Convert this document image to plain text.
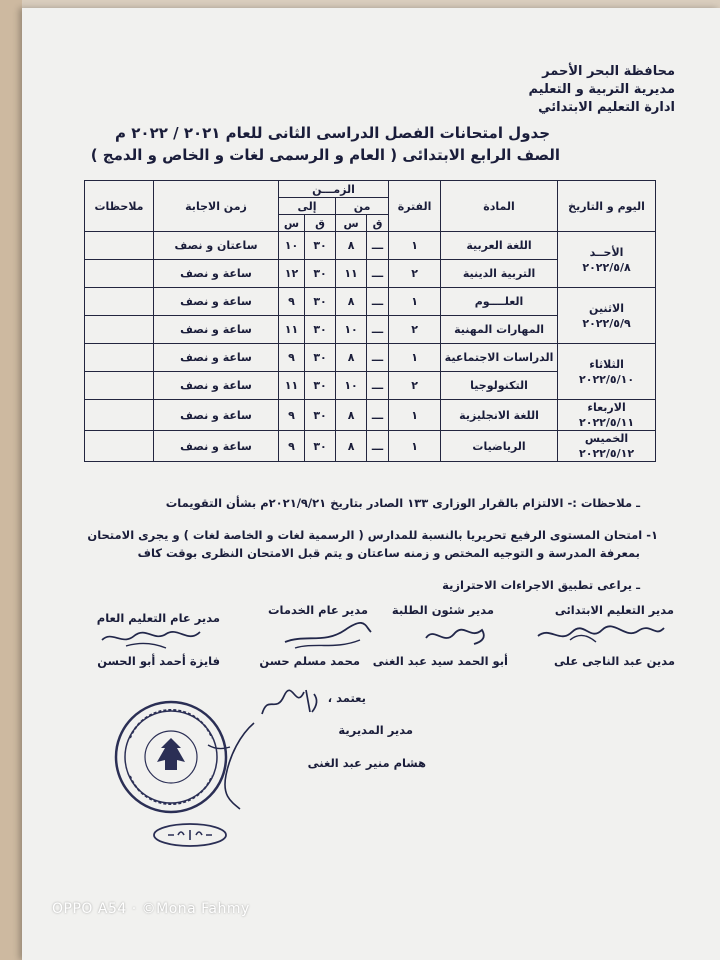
محافظة البحر الأحمر
مديرية التربية و التعليم
ادارة التعليم الابتدائي
جدول امتحانات الفصل الدراسى الثانى للعام ٢٠٢١ / ٢٠٢٢ م
الصف الرابع الابتدائى ( العام و الرسمى لغات و الخاص و الدمج )
اليوم و التاريخ	المادة	الفترة	الزمـــن				زمن الاجابة	ملاحظات
			من		إلى			
			ق	س	ق	س		

الأحــد
٢٠٢٢/٥/٨	اللغة العربية	١	ـــ	٨	٣٠	١٠	ساعتان و نصف	
	التربية الدينية	٢	ـــ	١١	٣٠	١٢	ساعة و نصف	

الاثنين
٢٠٢٢/٥/٩	العلــــوم	١	ـــ	٨	٣٠	٩	ساعة و نصف	
	المهارات المهنية	٢	ـــ	١٠	٣٠	١١	ساعة و نصف	

الثلاثاء
٢٠٢٢/٥/١٠	الدراسات الاجتماعية	١	ـــ	٨	٣٠	٩	ساعة و نصف	
	التكنولوجيا	٢	ـــ	١٠	٣٠	١١	ساعة و نصف	

الاربعاء
٢٠٢٢/٥/١١	اللغة الانجليزية	١	ـــ	٨	٣٠	٩	ساعة و نصف	

الخميس
٢٠٢٢/٥/١٢	الرياضيات	١	ـــ	٨	٣٠	٩	ساعة و نصف	
ـ ملاحظات :- الالتزام بالقرار الوزارى ١٣٣ الصادر بتاريخ ٢٠٢١/٩/٢١م بشأن التقويمات
١- امتحان المستوى الرفيع تحريريا بالنسبة للمدارس ( الرسمية لغات و الخاصة لغات ) و يجرى الامتحان
بمعرفة المدرسة و التوجيه المختص و زمنه ساعتان و يتم قبل الامتحان النظرى بوقت كاف
ـ يراعى تطبيق الاجراءات الاحترازية
مدير التعليم الابتدائى
مدير شئون الطلبة
مدير عام الخدمات
مدير عام التعليم العام
مدين عبد الناجى على
أبو الحمد سيد عبد الغنى
محمد مسلم حسن
فايزة أحمد أبو الحسن
يعتمد ،
مدير المديرية
هشام منير عبد الغنى
OPPO A54 · ©Mona Fahmy
